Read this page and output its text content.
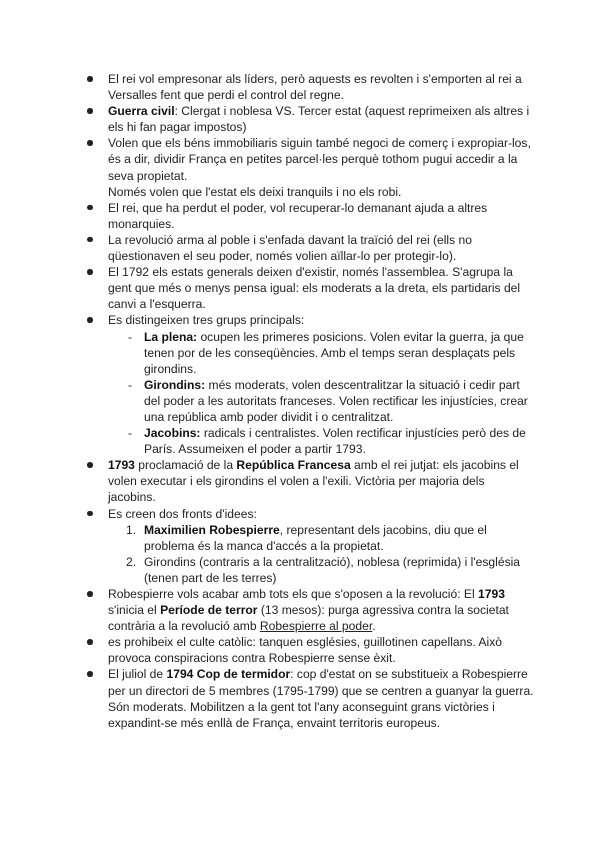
El rei vol empresonar als líders, però aquests es revolten i s'emporten al rei a Versalles fent que perdi el control del regne.
Guerra civil: Clergat i noblesa VS. Tercer estat (aquest reprimeixen als altres i els hi fan pagar impostos)
Volen que els béns immobiliaris siguin també negoci de comerç i expropiar-los, és a dir, dividir França en petites parcel·les perquè tothom pugui accedir a la seva propietat.
Només volen que l'estat els deixi tranquils i no els robi.
El rei, que ha perdut el poder, vol recuperar-lo demanant ajuda a altres monarquies.
La revolució arma al poble i s'enfada davant la traïció del rei (ells no qüestionaven el seu poder, només volien aïllar-lo per protegir-lo).
El 1792 els estats generals deixen d'existir, només l'assemblea. S'agrupa la gent que més o menys pensa igual: els moderats a la dreta, els partidaris del canvi a l'esquerra.
Es distingeixen tres grups principals:
- La plena: ocupen les primeres posicions. Volen evitar la guerra, ja que tenen por de les conseqüències. Amb el temps seran desplaçats pels girondins.
- Girondins: més moderats, volen descentralitzar la situació i cedir part del poder a les autoritats franceses. Volen rectificar les injustícies, crear una república amb poder dividit i o centralitzat.
- Jacobins: radicals i centralistes. Volen rectificar injustícies però des de París. Assumeixen el poder a partir 1793.
1793 proclamació de la República Francesa amb el rei jutjat: els jacobins el volen executar i els girondins el volen a l'exili. Victòria per majoria dels jacobins.
Es creen dos fronts d'idees:
1. Maximilien Robespierre, representant dels jacobins, diu que el problema és la manca d'accés a la propietat.
2. Girondins (contraris a la centralització), noblesa (reprimida) i l'església (tenen part de les terres)
Robespierre vols acabar amb tots els que s'oposen a la revolució: El 1793 s'inicia el Període de terror (13 mesos): purga agressiva contra la societat contrària a la revolució amb Robespierre al poder.
es prohibeix el culte catòlic: tanquen esglésies, guillotinen capellans. Això provoca conspiracions contra Robespierre sense èxit.
El juliol de 1794 Cop de termidor: cop d'estat on se substitueix a Robespierre per un directori de 5 membres (1795-1799) que se centren a guanyar la guerra. Són moderats. Mobilitzen a la gent tot l'any aconseguint grans victòries i expandint-se més enllà de França, envaint territoris europeus.
